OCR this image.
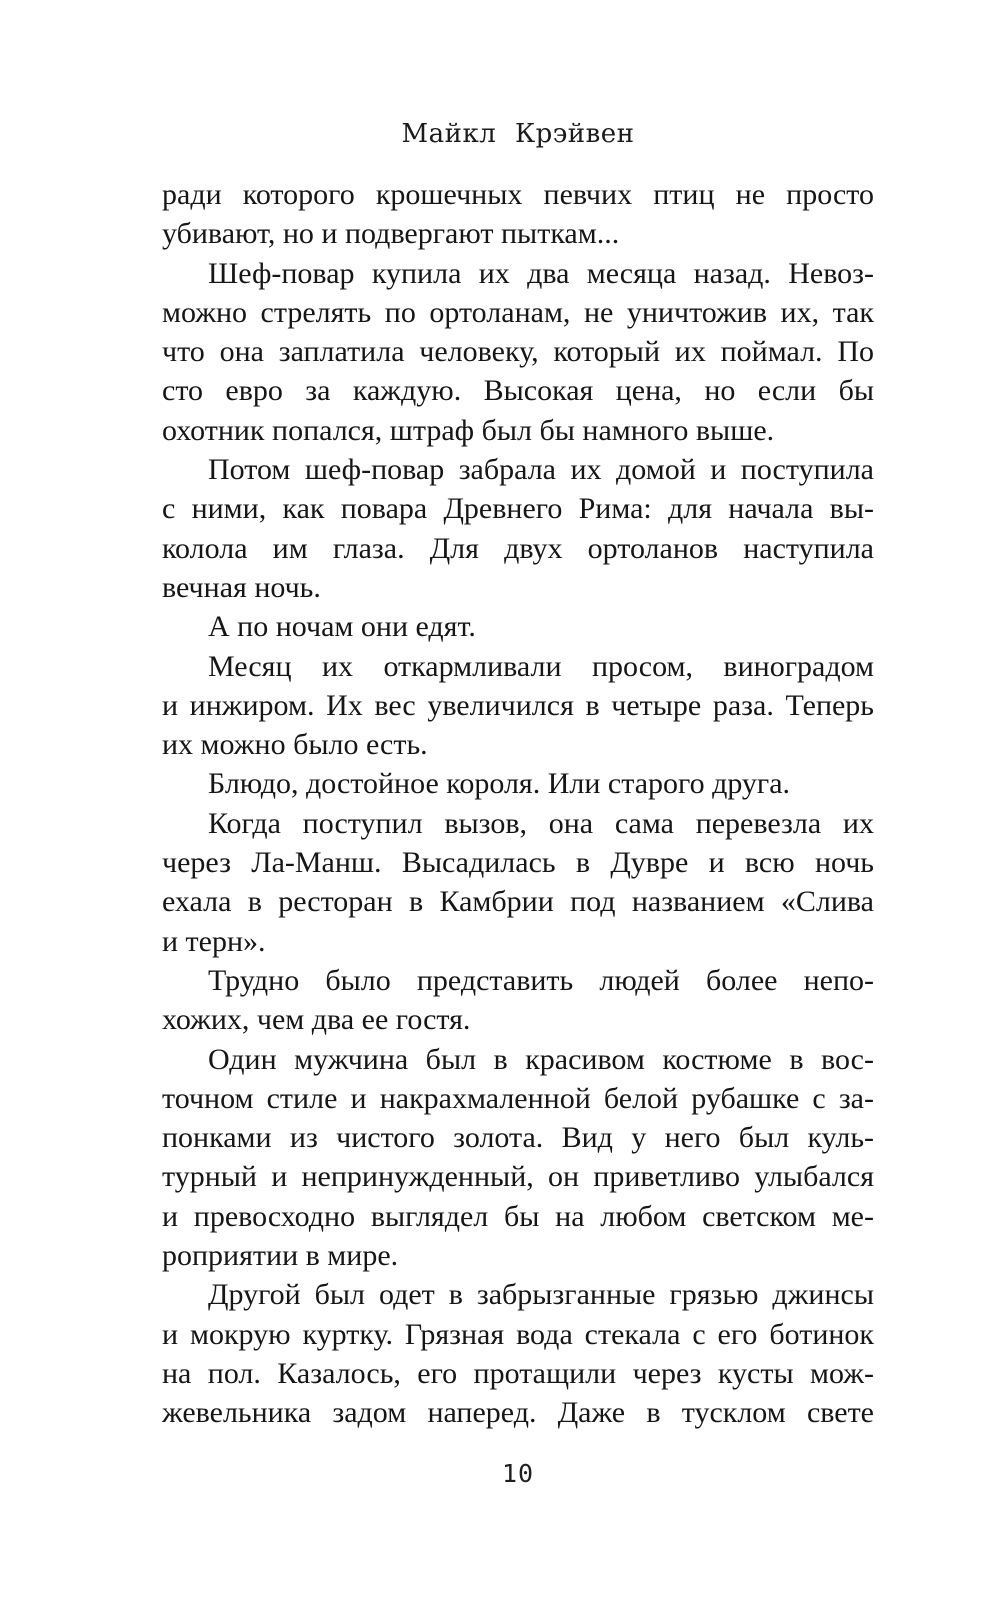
Майкл Крэйвен
ради которого крошечных певчих птиц не просто
убивают, но и подвергают пыткам...
Шеф-повар купила их два месяца назад. Невоз-
можно стрелять по ортоланам, не уничтожив их, так
что она заплатила человеку, который их поймал. По
сто евро за каждую. Высокая цена, но если бы
охотник попался, штраф был бы намного выше.
Потом шеф-повар забрала их домой и поступила
с ними, как повара Древнего Рима: для начала вы-
колола им глаза. Для двух ортоланов наступила
вечная ночь.
А по ночам они едят.
Месяц их откармливали просом, виноградом
и инжиром. Их вес увеличился в четыре раза. Теперь
их можно было есть.
Блюдо, достойное короля. Или старого друга.
Когда поступил вызов, она сама перевезла их
через Ла-Манш. Высадилась в Дувре и всю ночь
ехала в ресторан в Камбрии под названием «Слива
и терн».
Трудно было представить людей более непо-
хожих, чем два ее гостя.
Один мужчина был в красивом костюме в вос-
точном стиле и накрахмаленной белой рубашке с за-
понками из чистого золота. Вид у него был куль-
турный и непринужденный, он приветливо улыбался
и превосходно выглядел бы на любом светском ме-
роприятии в мире.
Другой был одет в забрызганные грязью джинсы
и мокрую куртку. Грязная вода стекала с его ботинок
на пол. Казалось, его протащили через кусты мож-
жевельника задом наперед. Даже в тусклом свете
10
